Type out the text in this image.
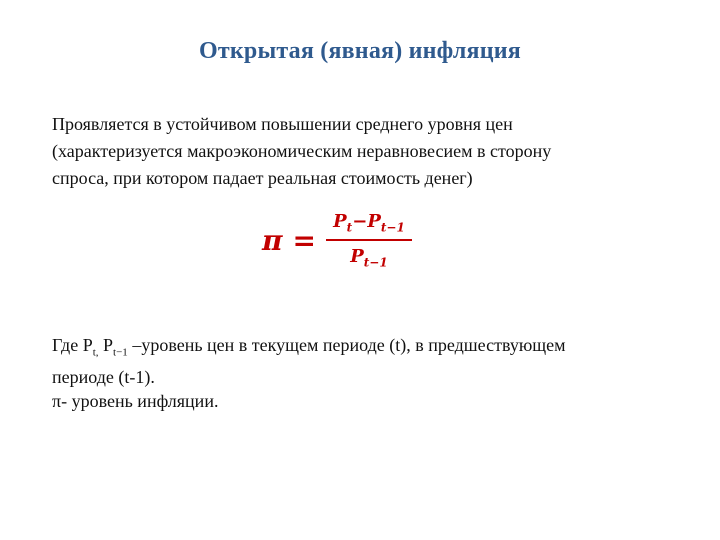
Открытая (явная) инфляция
Проявляется в устойчивом повышении среднего уровня цен
(характеризуется макроэкономическим неравновесием в сторону
спроса, при котором падает реальная стоимость денег)
$\pi = \frac{P_t-P_{t-1}}{P_{t-1}}$
Где $P_{t,}$ $P_{t-1}$ –уровень цен в текущем периоде (t), в предшествующем
периоде (t-1).
π- уровень инфляции.
